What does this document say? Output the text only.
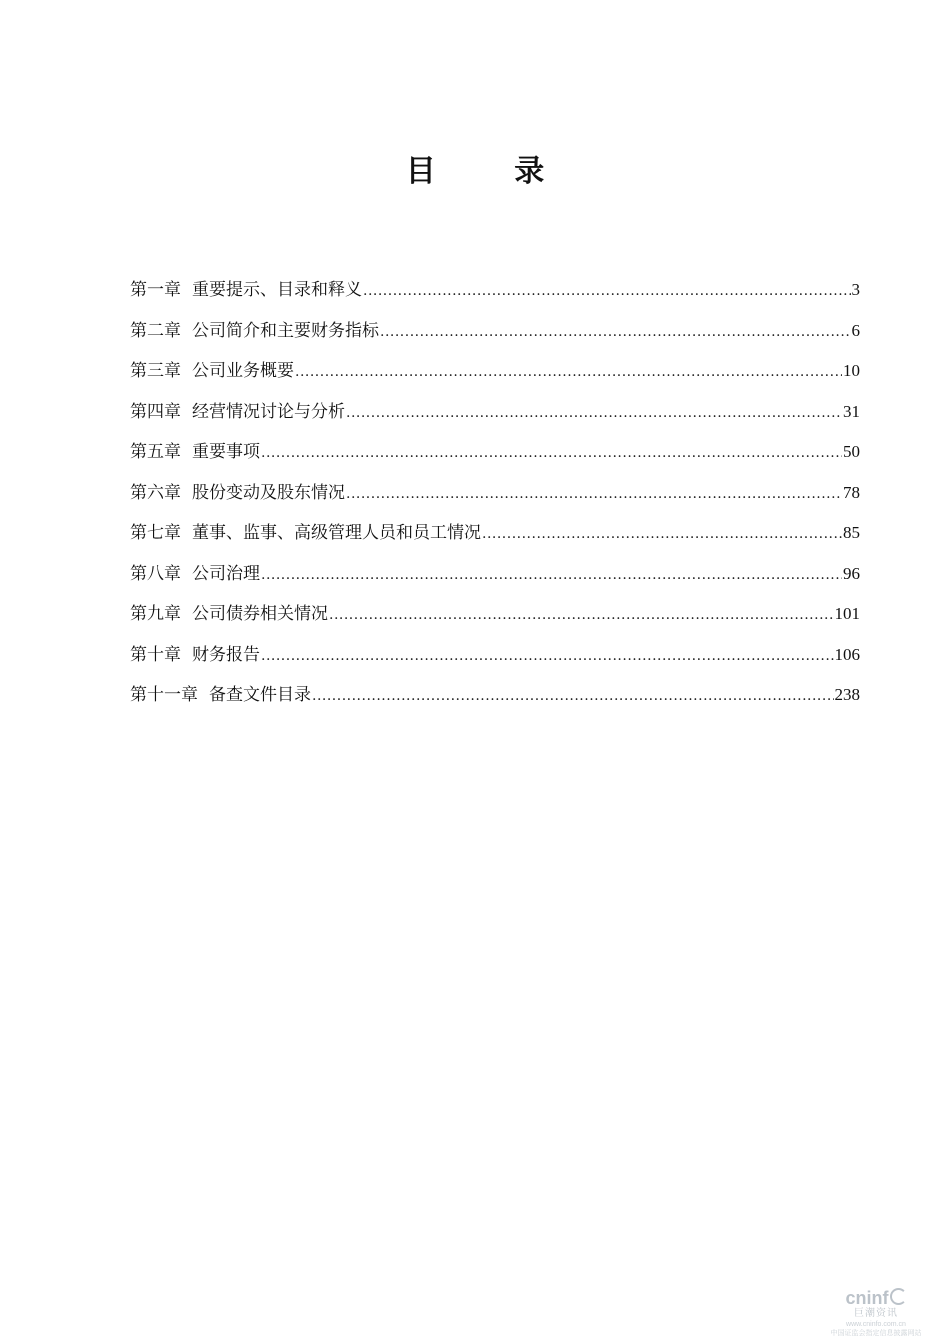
目 录
第一章 重要提示、目录和释义 .....	3
第二章 公司简介和主要财务指标 .....	6
第三章 公司业务概要 .....	10
第四章 经营情况讨论与分析 .....	31
第五章 重要事项 .....	50
第六章 股份变动及股东情况 .....	78
第七章 董事、监事、高级管理人员和员工情况 .....	85
第八章 公司治理 .....	96
第九章 公司债券相关情况 .....	101
第十章 财务报告 .....	106
第十一章 备查文件目录 .....	238
cninf
巨潮资讯
www.cninfo.com.cn
中国证监会指定信息披露网站
